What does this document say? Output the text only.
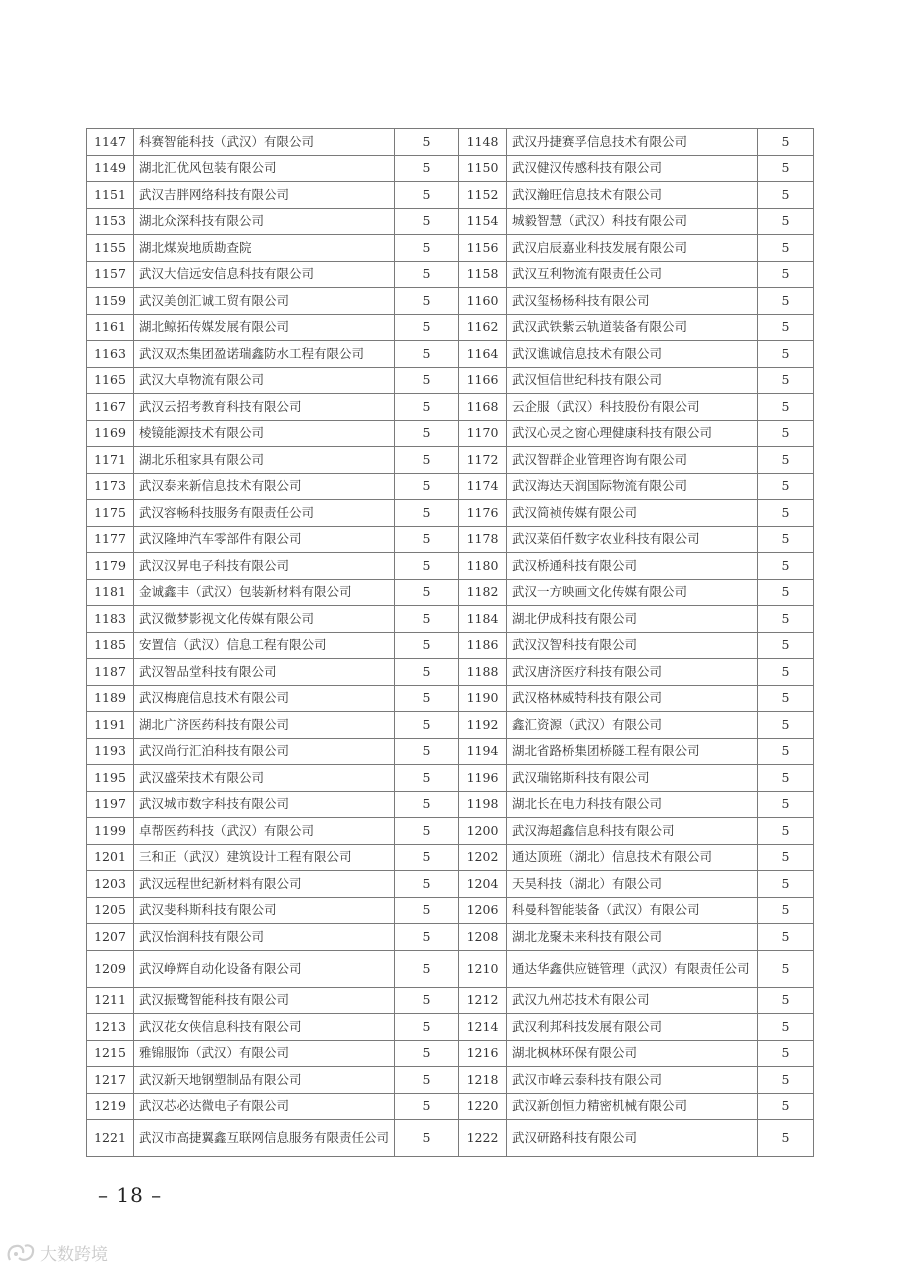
1147	科赛智能科技（武汉）有限公司	5	1148	武汉丹捷赛孚信息技术有限公司	5
1149	湖北汇优风包装有限公司	5	1150	武汉健汉传感科技有限公司	5
1151	武汉吉胖网络科技有限公司	5	1152	武汉瀚旺信息技术有限公司	5
1153	湖北众深科技有限公司	5	1154	城毅智慧（武汉）科技有限公司	5
1155	湖北煤炭地质勘查院	5	1156	武汉启辰嘉业科技发展有限公司	5
1157	武汉大信远安信息科技有限公司	5	1158	武汉互利物流有限责任公司	5
1159	武汉美创汇诚工贸有限公司	5	1160	武汉玺杨杨科技有限公司	5
1161	湖北鲸拓传媒发展有限公司	5	1162	武汉武铁紫云轨道装备有限公司	5
1163	武汉双杰集团盈诺瑞鑫防水工程有限公司	5	1164	武汉谯诚信息技术有限公司	5
1165	武汉大卓物流有限公司	5	1166	武汉恒信世纪科技有限公司	5
1167	武汉云招考教育科技有限公司	5	1168	云企服（武汉）科技股份有限公司	5
1169	棱镜能源技术有限公司	5	1170	武汉心灵之窗心理健康科技有限公司	5
1171	湖北乐租家具有限公司	5	1172	武汉智群企业管理咨询有限公司	5
1173	武汉泰来新信息技术有限公司	5	1174	武汉海达天润国际物流有限公司	5
1175	武汉容畅科技服务有限责任公司	5	1176	武汉简祯传媒有限公司	5
1177	武汉隆坤汽车零部件有限公司	5	1178	武汉菜佰仟数字农业科技有限公司	5
1179	武汉汉昇电子科技有限公司	5	1180	武汉桥通科技有限公司	5
1181	金诚鑫丰（武汉）包装新材料有限公司	5	1182	武汉一方映画文化传媒有限公司	5
1183	武汉微梦影视文化传媒有限公司	5	1184	湖北伊成科技有限公司	5
1185	安置信（武汉）信息工程有限公司	5	1186	武汉汉智科技有限公司	5
1187	武汉智品堂科技有限公司	5	1188	武汉唐济医疗科技有限公司	5
1189	武汉梅鹿信息技术有限公司	5	1190	武汉格林威特科技有限公司	5
1191	湖北广济医药科技有限公司	5	1192	鑫汇资源（武汉）有限公司	5
1193	武汉尚行汇泊科技有限公司	5	1194	湖北省路桥集团桥隧工程有限公司	5
1195	武汉盛荣技术有限公司	5	1196	武汉瑞铭斯科技有限公司	5
1197	武汉城市数字科技有限公司	5	1198	湖北长在电力科技有限公司	5
1199	卓帮医药科技（武汉）有限公司	5	1200	武汉海超鑫信息科技有限公司	5
1201	三和正（武汉）建筑设计工程有限公司	5	1202	通达顶班（湖北）信息技术有限公司	5
1203	武汉远程世纪新材料有限公司	5	1204	天昊科技（湖北）有限公司	5
1205	武汉斐科斯科技有限公司	5	1206	科曼科智能装备（武汉）有限公司	5
1207	武汉怡润科技有限公司	5	1208	湖北龙聚未来科技有限公司	5
1209	武汉峥辉自动化设备有限公司	5	1210	通达华鑫供应链管理（武汉）有限责任公司	5
1211	武汉振鹭智能科技有限公司	5	1212	武汉九州芯技术有限公司	5
1213	武汉花女侠信息科技有限公司	5	1214	武汉利邦科技发展有限公司	5
1215	雅锦服饰（武汉）有限公司	5	1216	湖北枫林环保有限公司	5
1217	武汉新天地钢塑制品有限公司	5	1218	武汉市峰云泰科技有限公司	5
1219	武汉芯必达微电子有限公司	5	1220	武汉新创恒力精密机械有限公司	5
1221	武汉市高捷翼鑫互联网信息服务有限责任公司	5	1222	武汉研路科技有限公司	5
– 18 –
大数跨境
